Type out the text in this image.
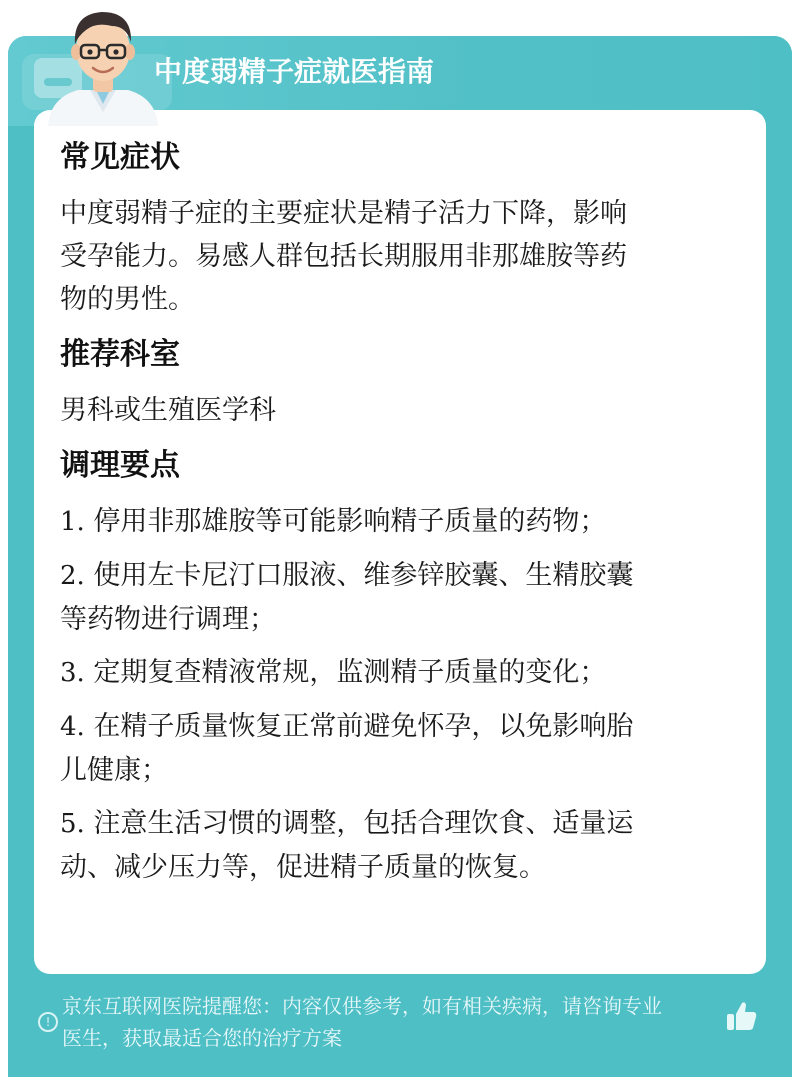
常见症状
中度弱精子症的主要症状是精子活力下降，影响
受孕能力。易感人群包括长期服用非那雄胺等药
物的男性。
推荐科室
男科或生殖医学科
调理要点
1. 停用非那雄胺等可能影响精子质量的药物；
2. 使用左卡尼汀口服液、维参锌胶囊、生精胶囊
等药物进行调理；
3. 定期复查精液常规，监测精子质量的变化；
4. 在精子质量恢复正常前避免怀孕，以免影响胎
儿健康；
5. 注意生活习惯的调整，包括合理饮食、适量运
动、减少压力等，促进精子质量的恢复。
!
京东互联网医院提醒您：内容仅供参考，如有相关疾病，请咨询专业
医生，获取最适合您的治疗方案
中度弱精子症就医指南
